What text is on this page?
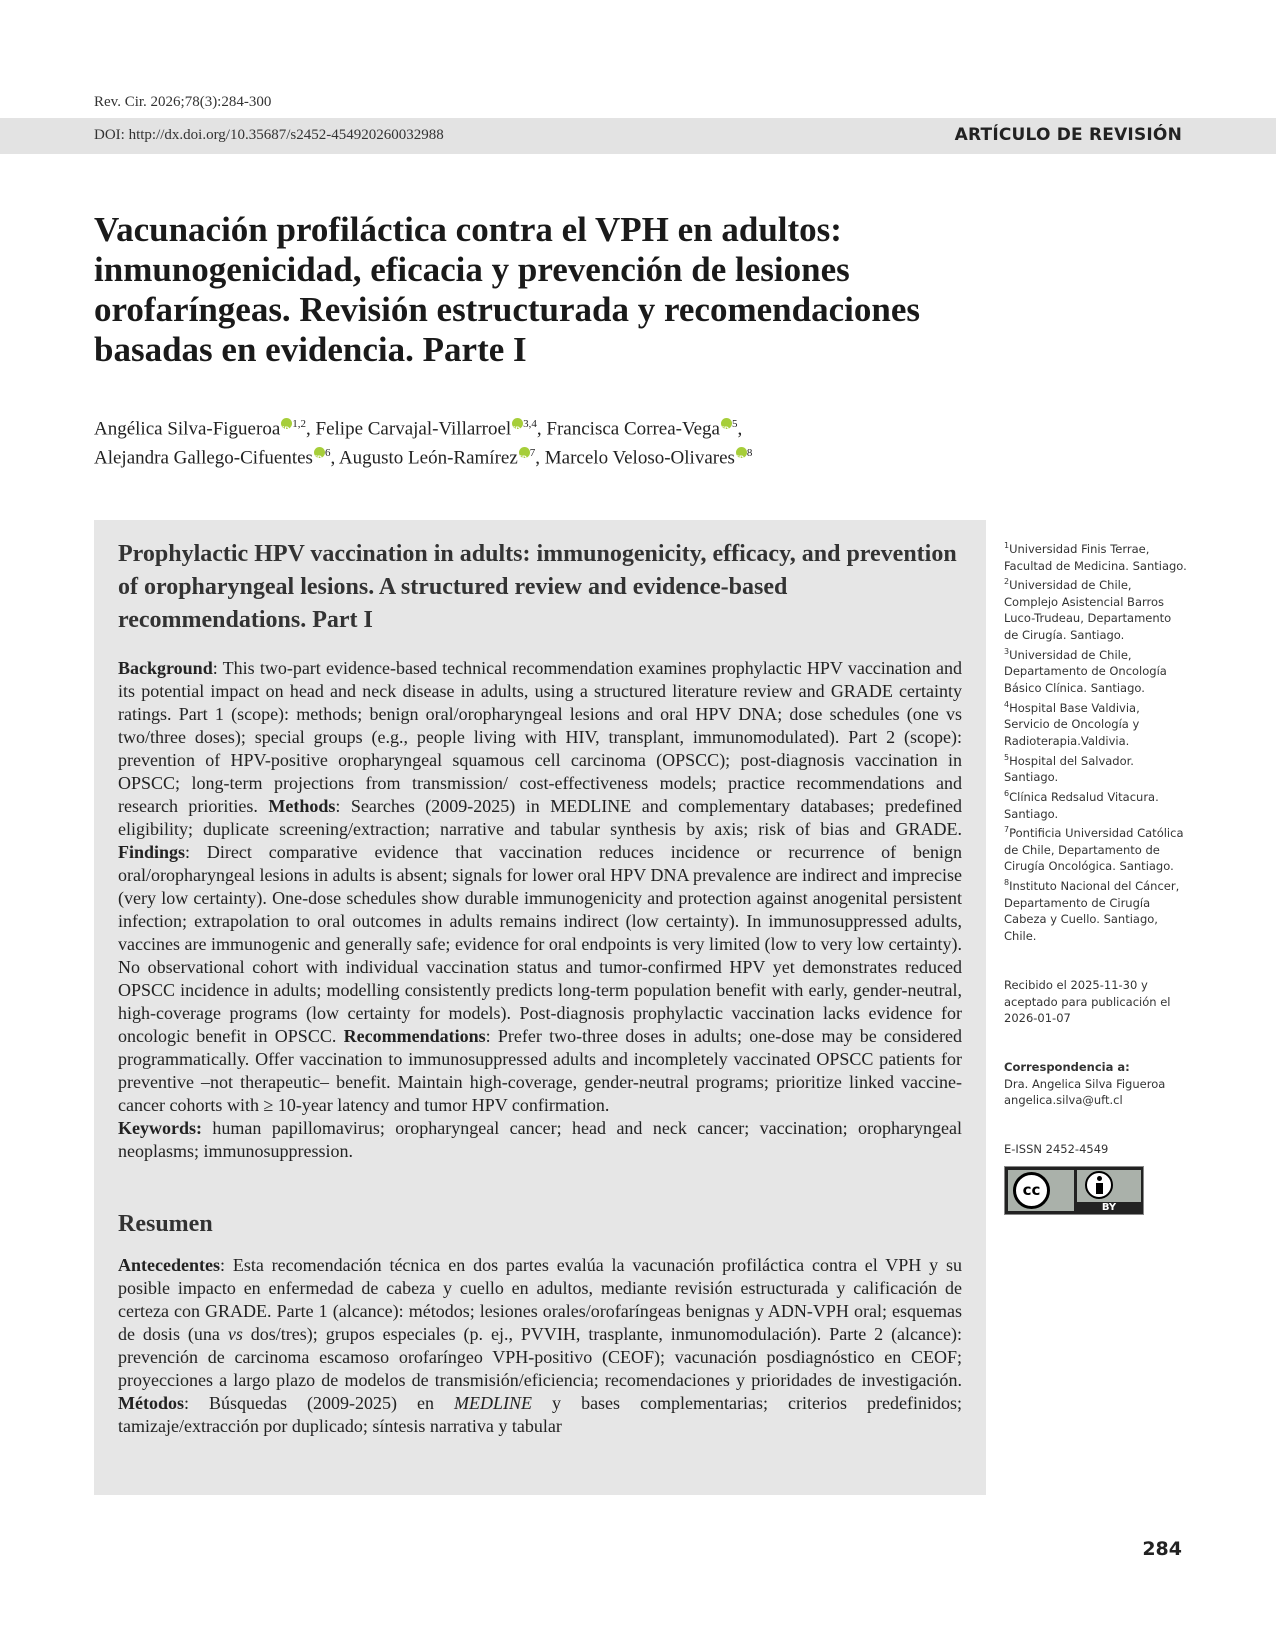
Rev. Cir. 2026;78(3):284-300
DOI: http://dx.doi.org/10.35687/s2452-454920260032988	ARTÍCULO DE REVISIÓN
Vacunación profiláctica contra el VPH en adultos: inmunogenicidad, eficacia y prevención de lesiones orofaríngeas. Revisión estructurada y recomendaciones basadas en evidencia. Parte I
Angélica Silva-Figueroa iD $^{1,2}$, Felipe Carvajal-Villarroel iD $^{3,4}$, Francisca Correa-Vega iD $^5$,
Alejandra Gallego-Cifuentes iD $^6$, Augusto León-Ramírez iD $^7$, Marcelo Veloso-Olivares iD $^8$
Prophylactic HPV vaccination in adults: immunogenicity, efficacy, and prevention of oropharyngeal lesions. A structured review and evidence-based recommendations. Part I

Background: This two-part evidence-based technical recommendation examines prophylactic HPV vaccination and its potential impact on head and neck disease in adults, using a structured literature review and GRADE certainty ratings. Part 1 (scope): methods; benign oral/oropharyngeal lesions and oral HPV DNA; dose schedules (one vs two/three doses); special groups (e.g., people living with HIV, transplant, immunomodulated). Part 2 (scope): prevention of HPV-positive oropharyngeal squamous cell carcinoma (OPSCC); post-diagnosis vaccination in OPSCC; long-term projections from transmission/ cost-effectiveness models; practice recommendations and research priorities. Methods: Searches (2009-2025) in MEDLINE and complementary databases; predefined eligibility; duplicate screening/extraction; narrative and tabular synthesis by axis; risk of bias and GRADE. Findings: Direct comparative evidence that vaccination reduces incidence or recurrence of benign oral/oropharyngeal lesions in adults is absent; signals for lower oral HPV DNA prevalence are indirect and imprecise (very low certainty). One-dose schedules show durable immunogenicity and protection against anogenital persistent infection; extrapolation to oral outcomes in adults remains indirect (low certainty). In immunosuppressed adults, vaccines are immunogenic and generally safe; evidence for oral endpoints is very limited (low to very low certainty). No observational cohort with individual vaccination status and tumor-confirmed HPV yet demonstrates reduced OPSCC incidence in adults; modelling consistently predicts long-term population benefit with early, gender-neutral, high-coverage programs (low certainty for models). Post-diagnosis prophylactic vaccination lacks evidence for oncologic benefit in OPSCC. Recommendations: Prefer two-three doses in adults; one-dose may be considered programmatically. Offer vaccination to immunosuppressed adults and incompletely vaccinated OPSCC patients for preventive –not therapeutic– benefit. Maintain high-coverage, gender-neutral programs; prioritize linked vaccine-cancer cohorts with ≥ 10-year latency and tumor HPV confirmation.

Keywords: human papillomavirus; oropharyngeal cancer; head and neck cancer; vaccination; oropharyngeal neoplasms; immunosuppression.

Resumen

Antecedentes: Esta recomendación técnica en dos partes evalúa la vacunación profiláctica contra el VPH y su posible impacto en enfermedad de cabeza y cuello en adultos, mediante revisión estructurada y calificación de certeza con GRADE. Parte 1 (alcance): métodos; lesiones orales/orofaríngeas benignas y ADN-VPH oral; esquemas de dosis (una vs dos/tres); grupos especiales (p. ej., PVVIH, trasplante, inmunomodulación). Parte 2 (alcance): prevención de carcinoma escamoso orofaríngeo VPH-positivo (CEOF); vacunación posdiagnóstico en CEOF; proyecciones a largo plazo de modelos de transmisión/eficiencia; recomendaciones y prioridades de investigación. Métodos: Búsquedas (2009-2025) en MEDLINE y bases complementarias; criterios predefinidos; tamizaje/extracción por duplicado; síntesis narrativa y tabular

$^1$Universidad Finis Terrae, Facultad de Medicina. Santiago.

$^2$Universidad de Chile, Complejo Asistencial Barros Luco-Trudeau, Departamento de Cirugía. Santiago.

$^3$Universidad de Chile, Departamento de Oncología Básico Clínica. Santiago.

$^4$Hospital Base Valdivia, Servicio de Oncología y Radioterapia.Valdivia.

$^5$Hospital del Salvador. Santiago.

$^6$Clínica Redsalud Vitacura. Santiago.

$^7$Pontificia Universidad Católica de Chile, Departamento de Cirugía Oncológica. Santiago.

$^8$Instituto Nacional del Cáncer, Departamento de Cirugía Cabeza y Cuello. Santiago, Chile.

Recibido el 2025-11-30 y aceptado para publicación el 2026-01-07

Correspondencia a:

Dra. Angelica Silva Figueroa

angelica.silva@uft.cl

E-ISSN 2452-4549

cc
BY
284
